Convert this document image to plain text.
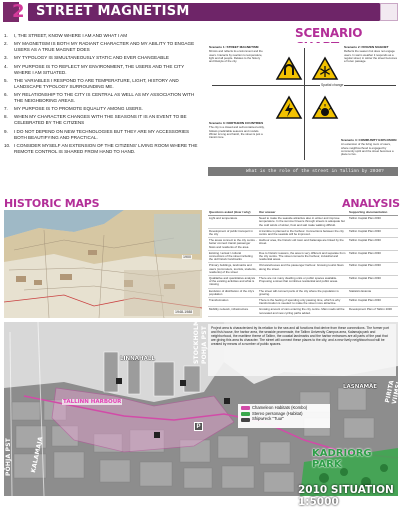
2 STREET MAGNETISM
1.	I, THE STREET, KNOW WHERE I AM AND WHAT I AM
2.	MY MAGNETISM IS BOTH MY RADIANT CHARACTER AND MY ABILITY TO ENGAGE USERS AS A TRUE MAGNET DOES
3.	MY TYPOLOGY IS SIMULTANEOUSLY STATIC AND EVER CHANGEABLE
4.	MY PURPOSE IS TO REFLECT MY ENVIRONMENT, THE USERS AND THE CITY WHERE I AM SITUATED.
5.	THE VARIABLES I RESPOND TO ARE TEMPERATURE, LIGHT, HISTORY AND LANDSCAPE TYPOLOGY SURROUNDING ME.
6.	MY RELATIONSHIP TO THE CITY IS CENTRAL AS WELL AS MY ASSOCIATION WITH THE NEIGHBORING AREAS.
7.	MY PURPOSE IS TO PROMOTE EQUALITY AMONG USERS.
8.	WHEN MY CHARACTER CHANGES WITH THE SEASONS IT IS AN EVENT TO BE CELEBRATED BY THE CITIZENS
9.	I DO NOT DEPEND ON NEW TECHNOLOGIES BUT THEY ARE MY ACCESSORIES BOTH BEAUTIFYING AND PRACTICAL.
10. I CONSIDER MYSELF AN EXTENSION OF THE CITIZENS' LIVING ROOM WHERE THE REMOTE CONTROL IS SHARED FROM HAND TO HAND.
SCENARIO
Spatial change
Scenario 1: STREET MAGNETISM
Mimics and reflects its environment and the users. Interacts by reaction to temperature, light and all people. Relates to the history and lifestyle of the city.
Scenario 2: FROZEN MAGNET
Reflects the season but does not engage users. In warm weather it responds as a regular street; in winter the street becomes a frozen passage.
Scenario 3: NORTHERN COUNTRIES
The city is a closed and self-contained entity, follows predictable seasons and models. Winter is long and harsh, the street is just a transit zone.
Scenario 4: COMMUNITY EXPLOSION
An extension of the living room of users, where neighbourhood is engaged by community spirit and the street becomes a place to live.
What is the role of the street in Tallinn by 2030?
HISTORIC MAPS
1900
1948-1988
ANALYSIS
Questions asked (How / why)	Our answer	Supporting documentation
Light and temperature	Need to make the seaside attractive also in winter and improve temperature. In the summer breeze through streets is adequate but the cold winds of winter, frost and salt make walking difficult.	Tallinn Capital Plan 2030
Development of public transport in the city	A tramline is planned to the harbour. Connections between the city centre and the seaside will be improved.	Tallinn Capital Plan 2030
The areas connect to the city centre - better connect transit passenger flows and residents of the area	Harbour area, the historic old town and Kalamaja are linked by the street.	Tallinn Capital Plan 2030
Existing / actual / cultural connections of the street including the old historic landmarks	Due to historic reasons, the area is very different and separate from the city centre. The street connects the harbour, industrial and residential areas.	Tallinn Capital Plan 2030
Primary buildings, landmarks and users (commuters, tourists, students, residents) of the street	Old warehouses and the passenger harbour. Growing tourist flows along the street.	Tallinn Capital Plan 2030
Qualitative and quantitative analysis of the existing activities and what is missing	There are not many dwelling units or public spaces available. Proposing a street that combines residential and public areas.	Tallinn Capital Plan 2030
Evolution of distribution of the city's population	The street will connect parts of the city where the population is growing.	Statistics Estonia
Transformation	There is the feeling of spending only passing time, which is why transformation is needed: to make the street more attractive.	Tallinn Capital Plan 2030
Mobility network, infrastructure	Growing amount of cars entering the city centre. Main roads will be renovated and new cycling paths added.	Development Plan of Tallinn 2030
Project area is characterized by its relation to the sea and all functions that derive from these connections. The former port and fish-house, the harbor area, the seaside promenade, the Tallinn University Campus area, Kalamaja park and neighborhood, the maritime theme of Tallinn, the coastal landmarks and the harbor entrances are all parts of the past that are giving this area its character. The street will connect these places to the city, and a new lively neighbourhood will be created by means of a number of public spaces.
PÕHJA PST	KALAMAJA
STOCKHOLM POHJA PST
LASNAMÄE PIRITA VIIMSI
LINNAHALL
TALLINN HARBOUR
Chameleon Habitats (Kombo)
Stereo personage (Habitat)
Shipwreck "Tuur"
P
KADRIORG PARK
2010 SITUATION 1:5000
